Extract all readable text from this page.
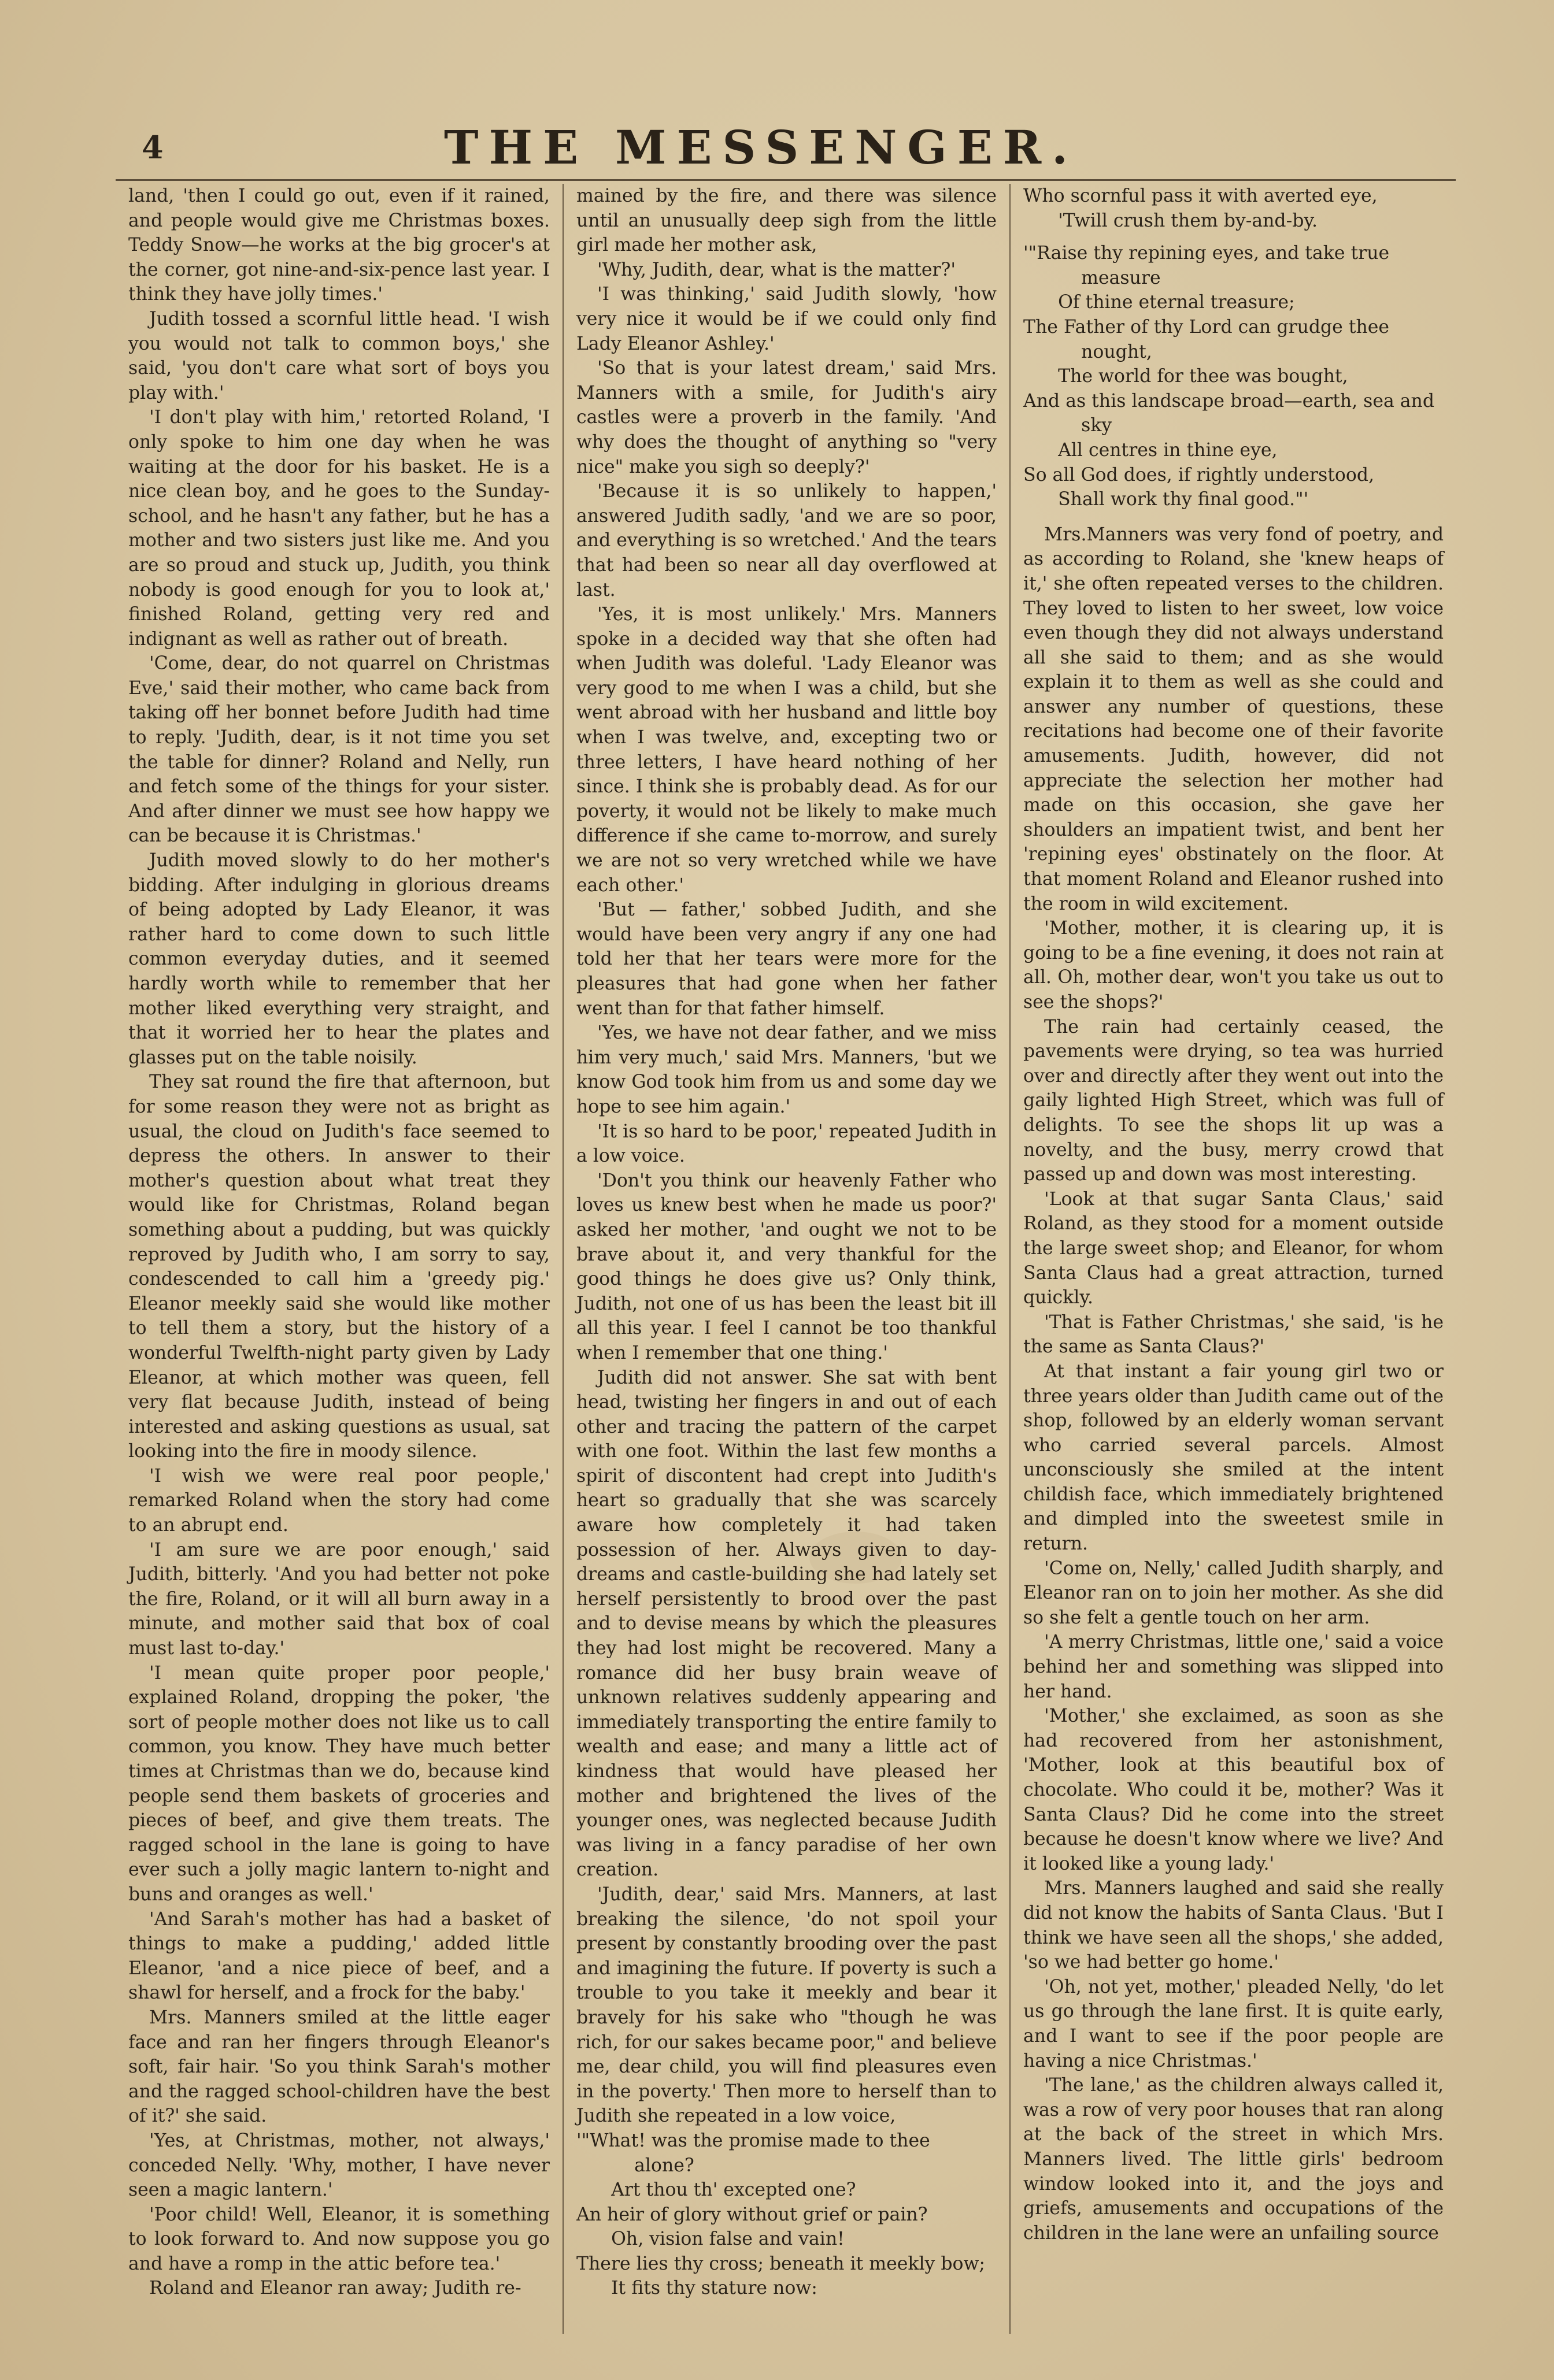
4	THE MESSENGER.

land, 'then I could go out, even if it rained, and people would give me Christmas boxes. Teddy Snow—he works at the big grocer's at the corner, got nine-and-six-pence last year. I think they have jolly times.'

Judith tossed a scornful little head. 'I wish you would not talk to common boys,' she said, 'you don't care what sort of boys you play with.'

'I don't play with him,' retorted Roland, 'I only spoke to him one day when he was waiting at the door for his basket. He is a nice clean boy, and he goes to the Sunday-school, and he hasn't any father, but he has a mother and two sisters just like me. And you are so proud and stuck up, Judith, you think nobody is good enough for you to look at,' finished Roland, getting very red and indignant as well as rather out of breath.

'Come, dear, do not quarrel on Christmas Eve,' said their mother, who came back from taking off her bonnet before Judith had time to reply. 'Judith, dear, is it not time you set the table for dinner? Roland and Nelly, run and fetch some of the things for your sister. And after dinner we must see how happy we can be because it is Christmas.'

Judith moved slowly to do her mother's bidding. After indulging in glorious dreams of being adopted by Lady Eleanor, it was rather hard to come down to such little common everyday duties, and it seemed hardly worth while to remember that her mother liked everything very straight, and that it worried her to hear the plates and glasses put on the table noisily.

They sat round the fire that afternoon, but for some reason they were not as bright as usual, the cloud on Judith's face seemed to depress the others. In answer to their mother's question about what treat they would like for Christmas, Roland began something about a pudding, but was quickly reproved by Judith who, I am sorry to say, condescended to call him a 'greedy pig.' Eleanor meekly said she would like mother to tell them a story, but the history of a wonderful Twelfth-night party given by Lady Eleanor, at which mother was queen, fell very flat because Judith, instead of being interested and asking questions as usual, sat looking into the fire in moody silence.

'I wish we were real poor people,' remarked Roland when the story had come to an abrupt end.

'I am sure we are poor enough,' said Judith, bitterly. 'And you had better not poke the fire, Roland, or it will all burn away in a minute, and mother said that box of coal must last to-day.'

'I mean quite proper poor people,' explained Roland, dropping the poker, 'the sort of people mother does not like us to call common, you know. They have much better times at Christmas than we do, because kind people send them baskets of groceries and pieces of beef, and give them treats. The ragged school in the lane is going to have ever such a jolly magic lantern to-night and buns and oranges as well.'

'And Sarah's mother has had a basket of things to make a pudding,' added little Eleanor, 'and a nice piece of beef, and a shawl for herself, and a frock for the baby.'

Mrs. Manners smiled at the little eager face and ran her fingers through Eleanor's soft, fair hair. 'So you think Sarah's mother and the ragged school-children have the best of it?' she said.

'Yes, at Christmas, mother, not always,' conceded Nelly. 'Why, mother, I have never seen a magic lantern.'

'Poor child! Well, Eleanor, it is something to look forward to. And now suppose you go and have a romp in the attic before tea.'

Roland and Eleanor ran away; Judith re-

mained by the fire, and there was silence until an unusually deep sigh from the little girl made her mother ask,

'Why, Judith, dear, what is the matter?'

'I was thinking,' said Judith slowly, 'how very nice it would be if we could only find Lady Eleanor Ashley.'

'So that is your latest dream,' said Mrs. Manners with a smile, for Judith's airy castles were a proverb in the family. 'And why does the thought of anything so "very nice" make you sigh so deeply?'

'Because it is so unlikely to happen,' answered Judith sadly, 'and we are so poor, and everything is so wretched.' And the tears that had been so near all day overflowed at last.

'Yes, it is most unlikely.' Mrs. Manners spoke in a decided way that she often had when Judith was doleful. 'Lady Eleanor was very good to me when I was a child, but she went abroad with her husband and little boy when I was twelve, and, excepting two or three letters, I have heard nothing of her since. I think she is probably dead. As for our poverty, it would not be likely to make much difference if she came to-morrow, and surely we are not so very wretched while we have each other.'

'But — father,' sobbed Judith, and she would have been very angry if any one had told her that her tears were more for the pleasures that had gone when her father went than for that father himself.

'Yes, we have not dear father, and we miss him very much,' said Mrs. Manners, 'but we know God took him from us and some day we hope to see him again.'

'It is so hard to be poor,' repeated Judith in a low voice.

'Don't you think our heavenly Father who loves us knew best when he made us poor?' asked her mother, 'and ought we not to be brave about it, and very thankful for the good things he does give us? Only think, Judith, not one of us has been the least bit ill all this year. I feel I cannot be too thankful when I remember that one thing.'

Judith did not answer. She sat with bent head, twisting her fingers in and out of each other and tracing the pattern of the carpet with one foot. Within the last few months a spirit of discontent had crept into Judith's heart so gradually that she was scarcely aware how completely it had taken possession of her. Always given to day-dreams and castle-building she had lately set herself persistently to brood over the past and to devise means by which the pleasures they had lost might be recovered. Many a romance did her busy brain weave of unknown relatives suddenly appearing and immediately transporting the entire family to wealth and ease; and many a little act of kindness that would have pleased her mother and brightened the lives of the younger ones, was neglected because Judith was living in a fancy paradise of her own creation.

'Judith, dear,' said Mrs. Manners, at last breaking the silence, 'do not spoil your present by constantly brooding over the past and imagining the future. If poverty is such a trouble to you take it meekly and bear it bravely for his sake who "though he was rich, for our sakes became poor," and believe me, dear child, you will find pleasures even in the poverty.' Then more to herself than to Judith she repeated in a low voice,

'"What! was the promise made to thee
alone?
Art thou th' excepted one?
An heir of glory without grief or pain?
Oh, vision false and vain!
There lies thy cross; beneath it meekly bow;
It fits thy stature now:
Who scornful pass it with averted eye,
'Twill crush them by-and-by.
'"Raise thy repining eyes, and take true
measure
Of thine eternal treasure;
The Father of thy Lord can grudge thee
nought,
The world for thee was bought,
And as this landscape broad—earth, sea and
sky
All centres in thine eye,
So all God does, if rightly understood,
Shall work thy final good."'

Mrs.Manners was very fond of poetry, and as according to Roland, she 'knew heaps of it,' she often repeated verses to the children. They loved to listen to her sweet, low voice even though they did not always understand all she said to them; and as she would explain it to them as well as she could and answer any number of questions, these recitations had become one of their favorite amusements. Judith, however, did not appreciate the selection her mother had made on this occasion, she gave her shoulders an impatient twist, and bent her 'repining eyes' obstinately on the floor. At that moment Roland and Eleanor rushed into the room in wild excitement.

'Mother, mother, it is clearing up, it is going to be a fine evening, it does not rain at all. Oh, mother dear, won't you take us out to see the shops?'

The rain had certainly ceased, the pavements were drying, so tea was hurried over and directly after they went out into the gaily lighted High Street, which was full of delights. To see the shops lit up was a novelty, and the busy, merry crowd that passed up and down was most interesting.

'Look at that sugar Santa Claus,' said Roland, as they stood for a moment outside the large sweet shop; and Eleanor, for whom Santa Claus had a great attraction, turned quickly.

'That is Father Christmas,' she said, 'is he the same as Santa Claus?'

At that instant a fair young girl two or three years older than Judith came out of the shop, followed by an elderly woman servant who carried several parcels. Almost unconsciously she smiled at the intent childish face, which immediately brightened and dimpled into the sweetest smile in return.

'Come on, Nelly,' called Judith sharply, and Eleanor ran on to join her mother. As she did so she felt a gentle touch on her arm.

'A merry Christmas, little one,' said a voice behind her and something was slipped into her hand.

'Mother,' she exclaimed, as soon as she had recovered from her astonishment, 'Mother, look at this beautiful box of chocolate. Who could it be, mother? Was it Santa Claus? Did he come into the street because he doesn't know where we live? And it looked like a young lady.'

Mrs. Manners laughed and said she really did not know the habits of Santa Claus. 'But I think we have seen all the shops,' she added, 'so we had better go home.'

'Oh, not yet, mother,' pleaded Nelly, 'do let us go through the lane first. It is quite early, and I want to see if the poor people are having a nice Christmas.'

'The lane,' as the children always called it, was a row of very poor houses that ran along at the back of the street in which Mrs. Manners lived. The little girls' bedroom window looked into it, and the joys and griefs, amusements and occupations of the children in the lane were an unfailing source
